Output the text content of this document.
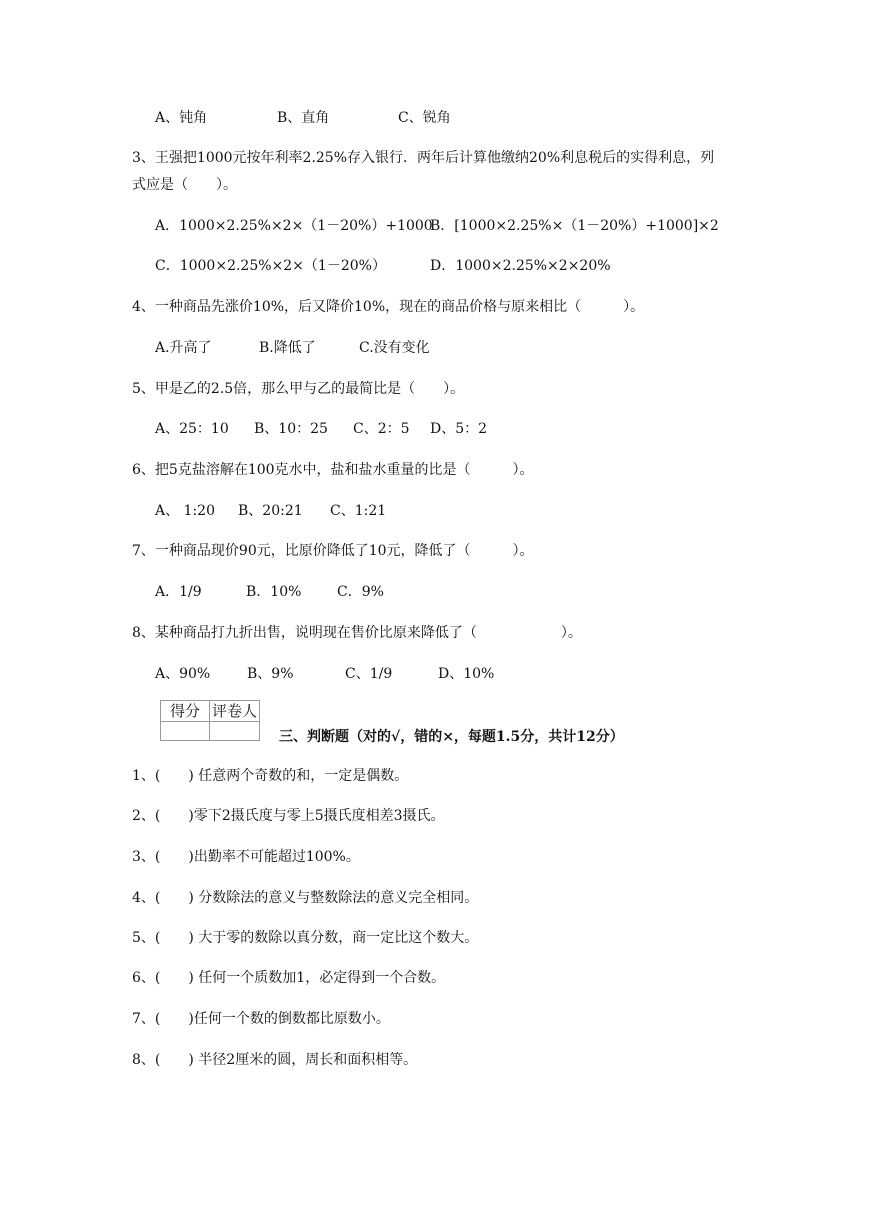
A、钝角	B、直角	C、锐角
3、王强把1000元按年利率2.25%存入银行．两年后计算他缴纳20%利息税后的实得利息，列
式应是（　　）。
A．1000×2.25%×2×（1－20%）+1000
B．[1000×2.25%×（1－20%）+1000]×2
C．1000×2.25%×2×（1－20%）	D．1000×2.25%×2×20%
4、一种商品先涨价10%，后又降价10%，现在的商品价格与原来相比（　　　）。
A.升高了	B.降低了	C.没有变化
5、甲是乙的2.5倍，那么甲与乙的最简比是（　　）。
A、25：10 B、10：25 C、2：5 D、5：2
6、把5克盐溶解在100克水中，盐和盐水重量的比是（　　　）。
A、 1:20 B、20:21 C、1:21
7、一种商品现价90元，比原价降低了10元，降低了（　　　）。
A．1/9	B．10%	C．9%
8、某种商品打九折出售，说明现在售价比原来降低了（　　　　　　）。
A、90%	B、9%	C、1/9	D、10%
得分	评卷人

三、判断题（对的√，错的×，每题1.5分，共计12分）
1、(　　) 任意两个奇数的和，一定是偶数。
2、(　　)零下2摄氏度与零上5摄氏度相差3摄氏。
3、(　　)出勤率不可能超过100%。
4、(　　) 分数除法的意义与整数除法的意义完全相同。
5、(　　) 大于零的数除以真分数，商一定比这个数大。
6、(　　) 任何一个质数加1，必定得到一个合数。
7、(　　)任何一个数的倒数都比原数小。
8、(　　) 半径2厘米的圆，周长和面积相等。
